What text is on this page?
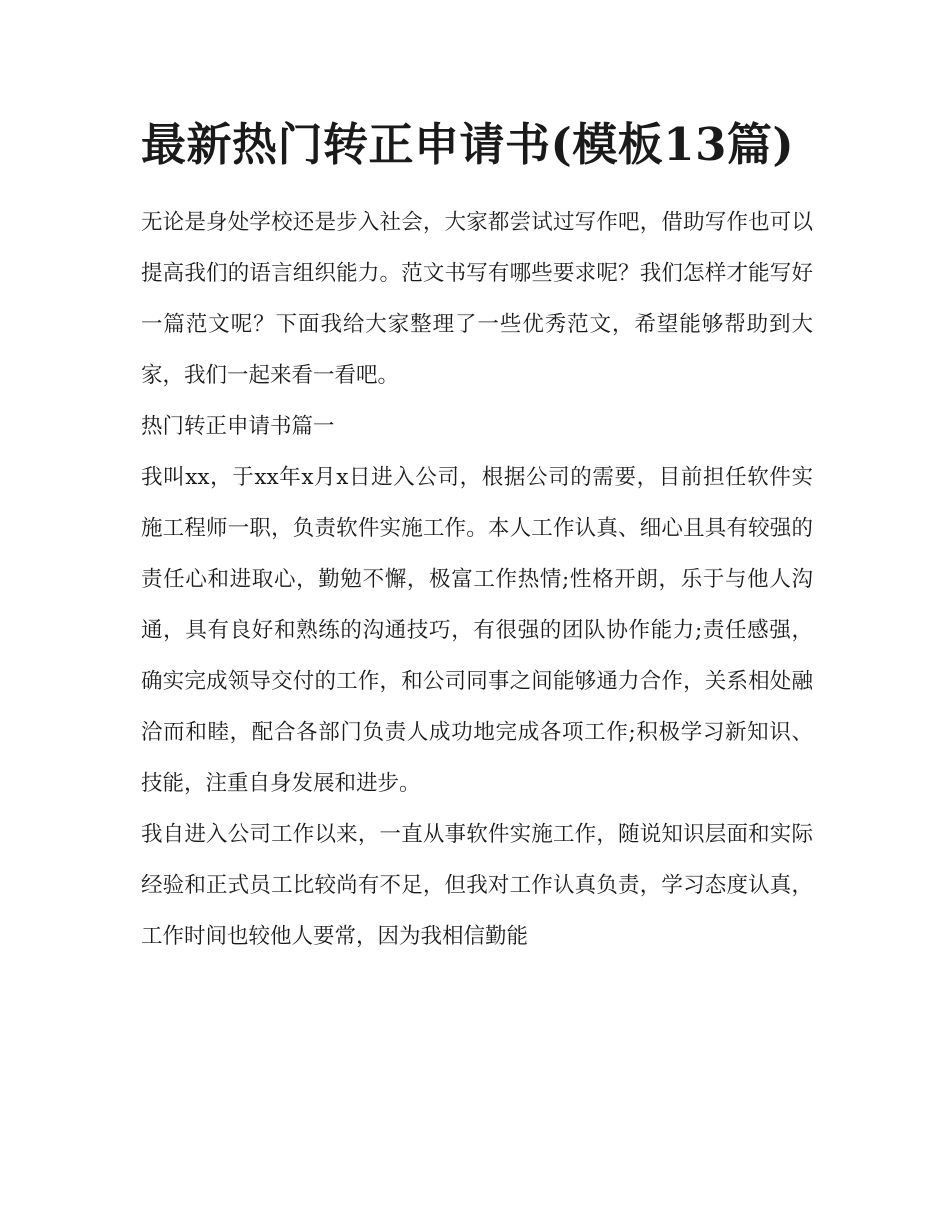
最新热门转正申请书(模板13篇)

无论是身处学校还是步入社会，大家都尝试过写作吧，借助写作也可以提高我们的语言组织能力。范文书写有哪些要求呢？我们怎样才能写好一篇范文呢？下面我给大家整理了一些优秀范文，希望能够帮助到大家，我们一起来看一看吧。

热门转正申请书篇一

我叫xx，于xx年x月x日进入公司，根据公司的需要，目前担任软件实施工程师一职，负责软件实施工作。本人工作认真、细心且具有较强的责任心和进取心，勤勉不懈，极富工作热情;性格开朗，乐于与他人沟通，具有良好和熟练的沟通技巧，有很强的团队协作能力;责任感强，确实完成领导交付的工作，和公司同事之间能够通力合作，关系相处融洽而和睦，配合各部门负责人成功地完成各项工作;积极学习新知识、技能，注重自身发展和进步。

我自进入公司工作以来，一直从事软件实施工作，随说知识层面和实际经验和正式员工比较尚有不足，但我对工作认真负责，学习态度认真，工作时间也较他人要常，因为我相信勤能
